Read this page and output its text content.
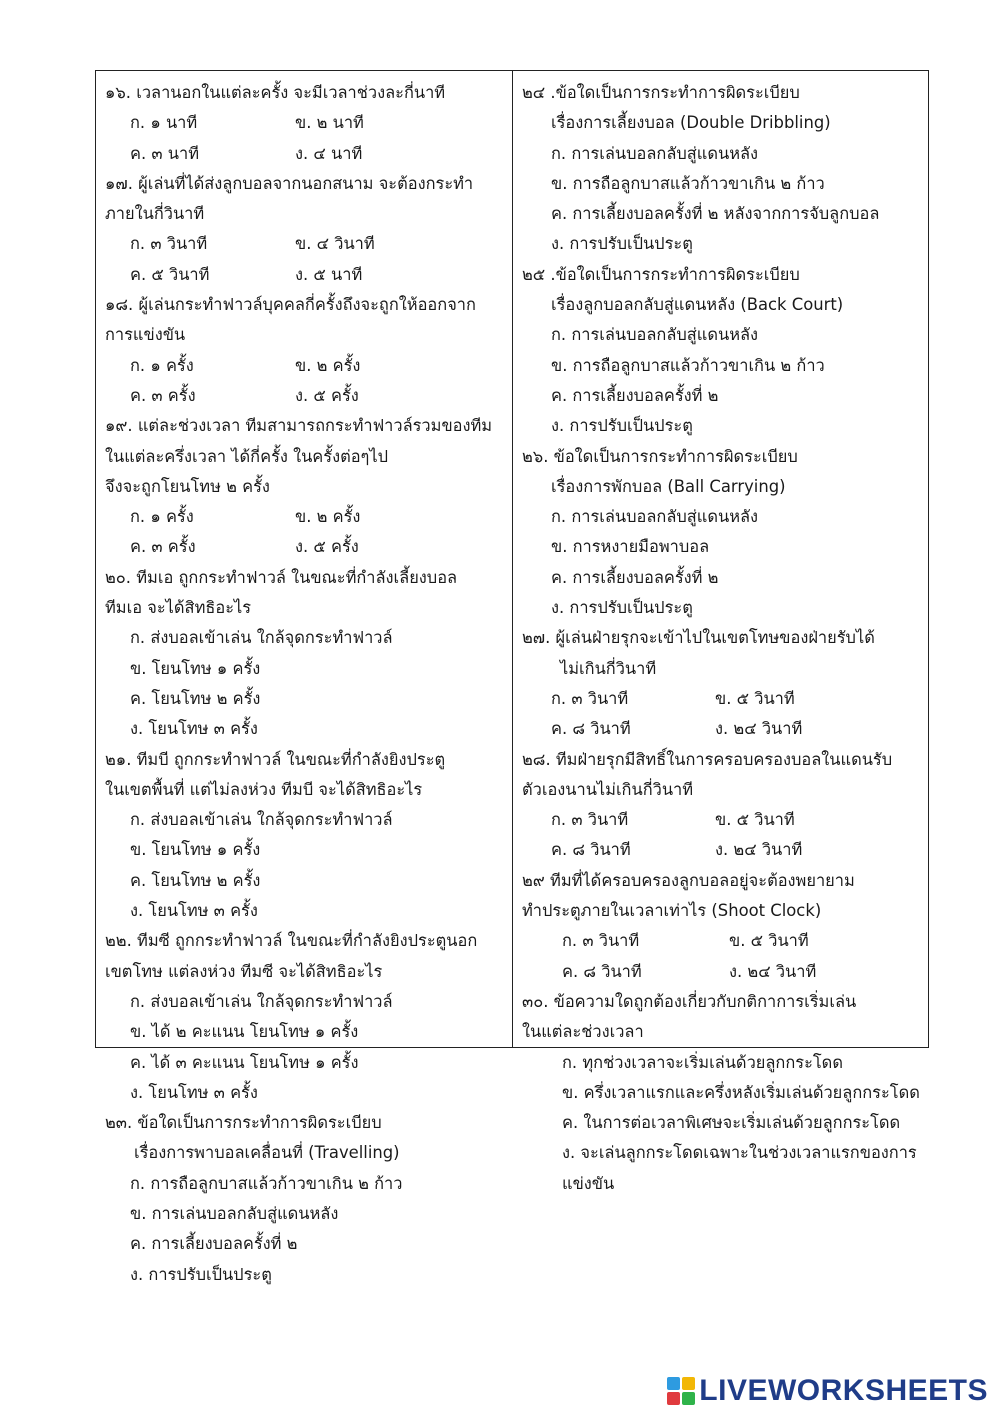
๑๖. เวลานอกในแต่ละครั้ง จะมีเวลาช่วงละกี่นาที
ก. ๑ นาที	ข. ๒ นาที
ค. ๓ นาที	ง. ๔ นาที
๑๗. ผู้เล่นที่ได้ส่งลูกบอลจากนอกสนาม จะต้องกระทำ
ภายในกี่วินาที
ก. ๓ วินาที	ข. ๔ วินาที
ค. ๕ วินาที	ง. ๕ นาที
๑๘. ผู้เล่นกระทำฟาวล์บุคคลกี่ครั้งถึงจะถูกให้ออกจาก
การแข่งขัน
ก. ๑ ครั้ง	ข. ๒ ครั้ง
ค. ๓ ครั้ง	ง. ๕ ครั้ง
๑๙. แต่ละช่วงเวลา ทีมสามารถกระทำฟาวล์รวมของทีม
ในแต่ละครึ่งเวลา ได้กี่ครั้ง ในครั้งต่อๆไป
จึงจะถูกโยนโทษ ๒ ครั้ง
ก. ๑ ครั้ง	ข. ๒ ครั้ง
ค. ๓ ครั้ง	ง. ๕ ครั้ง
๒๐. ทีมเอ ถูกกระทำฟาวล์ ในขณะที่กำลังเลี้ยงบอล
ทีมเอ จะได้สิทธิอะไร
ก. ส่งบอลเข้าเล่น ใกล้จุดกระทำฟาวล์
ข. โยนโทษ ๑ ครั้ง
ค. โยนโทษ ๒ ครั้ง
ง. โยนโทษ ๓ ครั้ง
๒๑. ทีมบี ถูกกระทำฟาวล์ ในขณะที่กำลังยิงประตู
ในเขตพื้นที่ แต่ไม่ลงห่วง ทีมบี จะได้สิทธิอะไร
ก. ส่งบอลเข้าเล่น ใกล้จุดกระทำฟาวล์
ข. โยนโทษ ๑ ครั้ง
ค. โยนโทษ ๒ ครั้ง
ง. โยนโทษ ๓ ครั้ง
๒๒. ทีมซี ถูกกระทำฟาวล์ ในขณะที่กำลังยิงประตูนอก
เขตโทษ แต่ลงห่วง ทีมซี จะได้สิทธิอะไร
ก. ส่งบอลเข้าเล่น ใกล้จุดกระทำฟาวล์
ข. ได้ ๒ คะแนน โยนโทษ ๑ ครั้ง
ค. ได้ ๓ คะแนน โยนโทษ ๑ ครั้ง
ง. โยนโทษ ๓ ครั้ง
๒๓. ข้อใดเป็นการกระทำการผิดระเบียบ
เรื่องการพาบอลเคลื่อนที่ (Travelling)
ก. การถือลูกบาสแล้วก้าวขาเกิน ๒ ก้าว
ข. การเล่นบอลกลับสู่แดนหลัง
ค. การเลี้ยงบอลครั้งที่ ๒
ง. การปรับเป็นประตู
๒๔ .ข้อใดเป็นการกระทำการผิดระเบียบ
เรื่องการเลี้ยงบอล (Double Dribbling)
ก. การเล่นบอลกลับสู่แดนหลัง
ข. การถือลูกบาสแล้วก้าวขาเกิน ๒ ก้าว
ค. การเลี้ยงบอลครั้งที่ ๒ หลังจากการจับลูกบอล
ง. การปรับเป็นประตู
๒๕ .ข้อใดเป็นการกระทำการผิดระเบียบ
เรื่องลูกบอลกลับสู่แดนหลัง (Back Court)
ก. การเล่นบอลกลับสู่แดนหลัง
ข. การถือลูกบาสแล้วก้าวขาเกิน ๒ ก้าว
ค. การเลี้ยงบอลครั้งที่ ๒
ง. การปรับเป็นประตู
๒๖. ข้อใดเป็นการกระทำการผิดระเบียบ
เรื่องการพักบอล (Ball Carrying)
ก. การเล่นบอลกลับสู่แดนหลัง
ข. การหงายมือพาบอล
ค. การเลี้ยงบอลครั้งที่ ๒
ง. การปรับเป็นประตู
๒๗. ผู้เล่นฝ่ายรุกจะเข้าไปในเขตโทษของฝ่ายรับได้
ไม่เกินกี่วินาที
ก. ๓ วินาที	ข. ๕ วินาที
ค. ๘ วินาที	ง. ๒๔ วินาที
๒๘. ทีมฝ่ายรุกมีสิทธิ์ในการครอบครองบอลในแดนรับ
ตัวเองนานไม่เกินกี่วินาที
ก. ๓ วินาที	ข. ๕ วินาที
ค. ๘ วินาที	ง. ๒๔ วินาที
๒๙ ทีมที่ได้ครอบครองลูกบอลอยู่จะต้องพยายาม
ทำประตูภายในเวลาเท่าไร (Shoot Clock)
ก. ๓ วินาที	ข. ๕ วินาที
ค. ๘ วินาที	ง. ๒๔ วินาที
๓๐. ข้อความใดถูกต้องเกี่ยวกับกติกาการเริ่มเล่น
ในแต่ละช่วงเวลา
ก. ทุกช่วงเวลาจะเริ่มเล่นด้วยลูกกระโดด
ข. ครึ่งเวลาแรกและครึ่งหลังเริ่มเล่นด้วยลูกกระโดด
ค. ในการต่อเวลาพิเศษจะเริ่มเล่นด้วยลูกกระโดด
ง. จะเล่นลูกกระโดดเฉพาะในช่วงเวลาแรกของการ
แข่งขัน
LIVEWORKSHEETS
